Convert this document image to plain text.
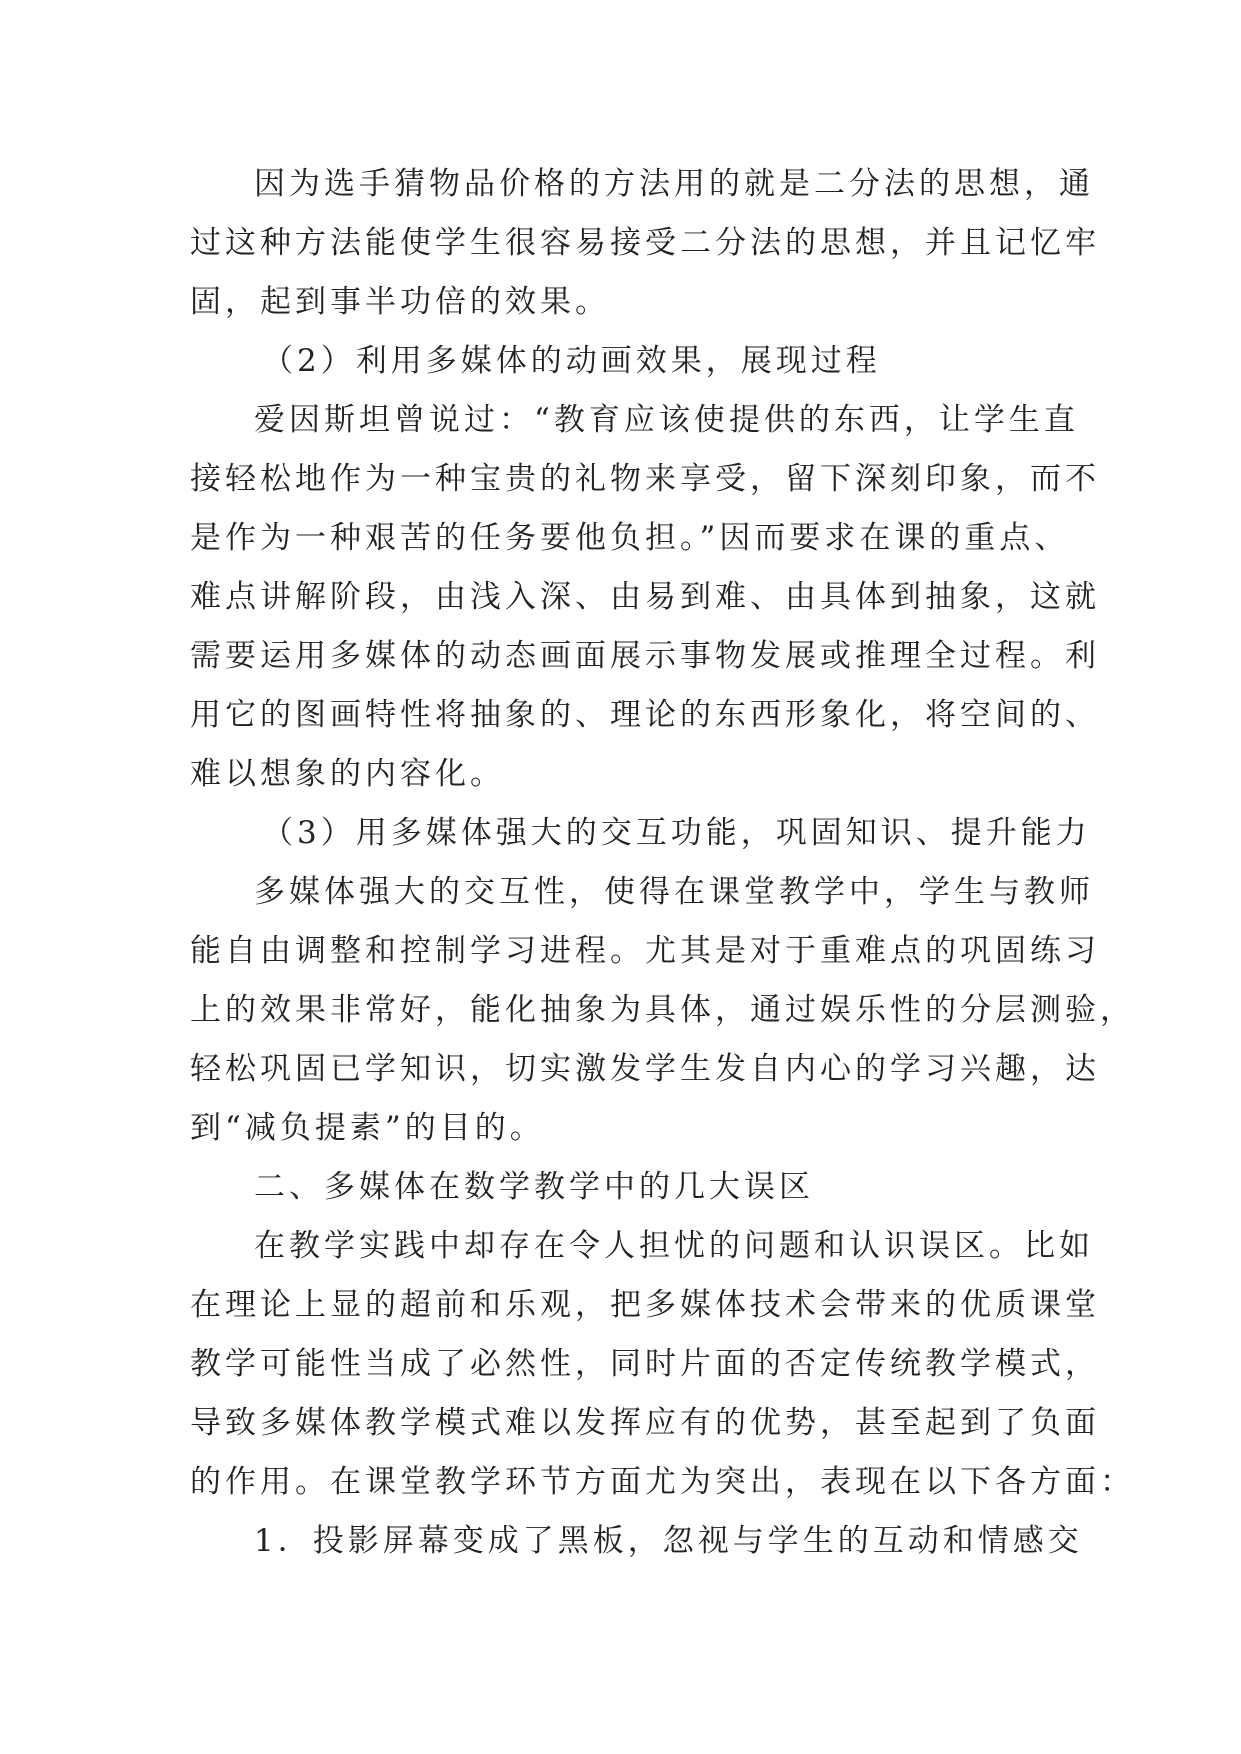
因为选手猜物品价格的方法用的就是二分法的思想，通
过这种方法能使学生很容易接受二分法的思想，并且记忆牢
固，起到事半功倍的效果。
（2）利用多媒体的动画效果，展现过程
爱因斯坦曾说过：“教育应该使提供的东西，让学生直
接轻松地作为一种宝贵的礼物来享受，留下深刻印象，而不
是作为一种艰苦的任务要他负担。”因而要求在课的重点、
难点讲解阶段，由浅入深、由易到难、由具体到抽象，这就
需要运用多媒体的动态画面展示事物发展或推理全过程。利
用它的图画特性将抽象的、理论的东西形象化，将空间的、
难以想象的内容化。
（3）用多媒体强大的交互功能，巩固知识、提升能力
多媒体强大的交互性，使得在课堂教学中，学生与教师
能自由调整和控制学习进程。尤其是对于重难点的巩固练习
上的效果非常好，能化抽象为具体，通过娱乐性的分层测验，
轻松巩固已学知识，切实激发学生发自内心的学习兴趣，达
到“减负提素”的目的。
二、多媒体在数学教学中的几大误区
在教学实践中却存在令人担忧的问题和认识误区。比如
在理论上显的超前和乐观，把多媒体技术会带来的优质课堂
教学可能性当成了必然性，同时片面的否定传统教学模式，
导致多媒体教学模式难以发挥应有的优势，甚至起到了负面
的作用。在课堂教学环节方面尤为突出，表现在以下各方面：
1．投影屏幕变成了黑板，忽视与学生的互动和情感交
